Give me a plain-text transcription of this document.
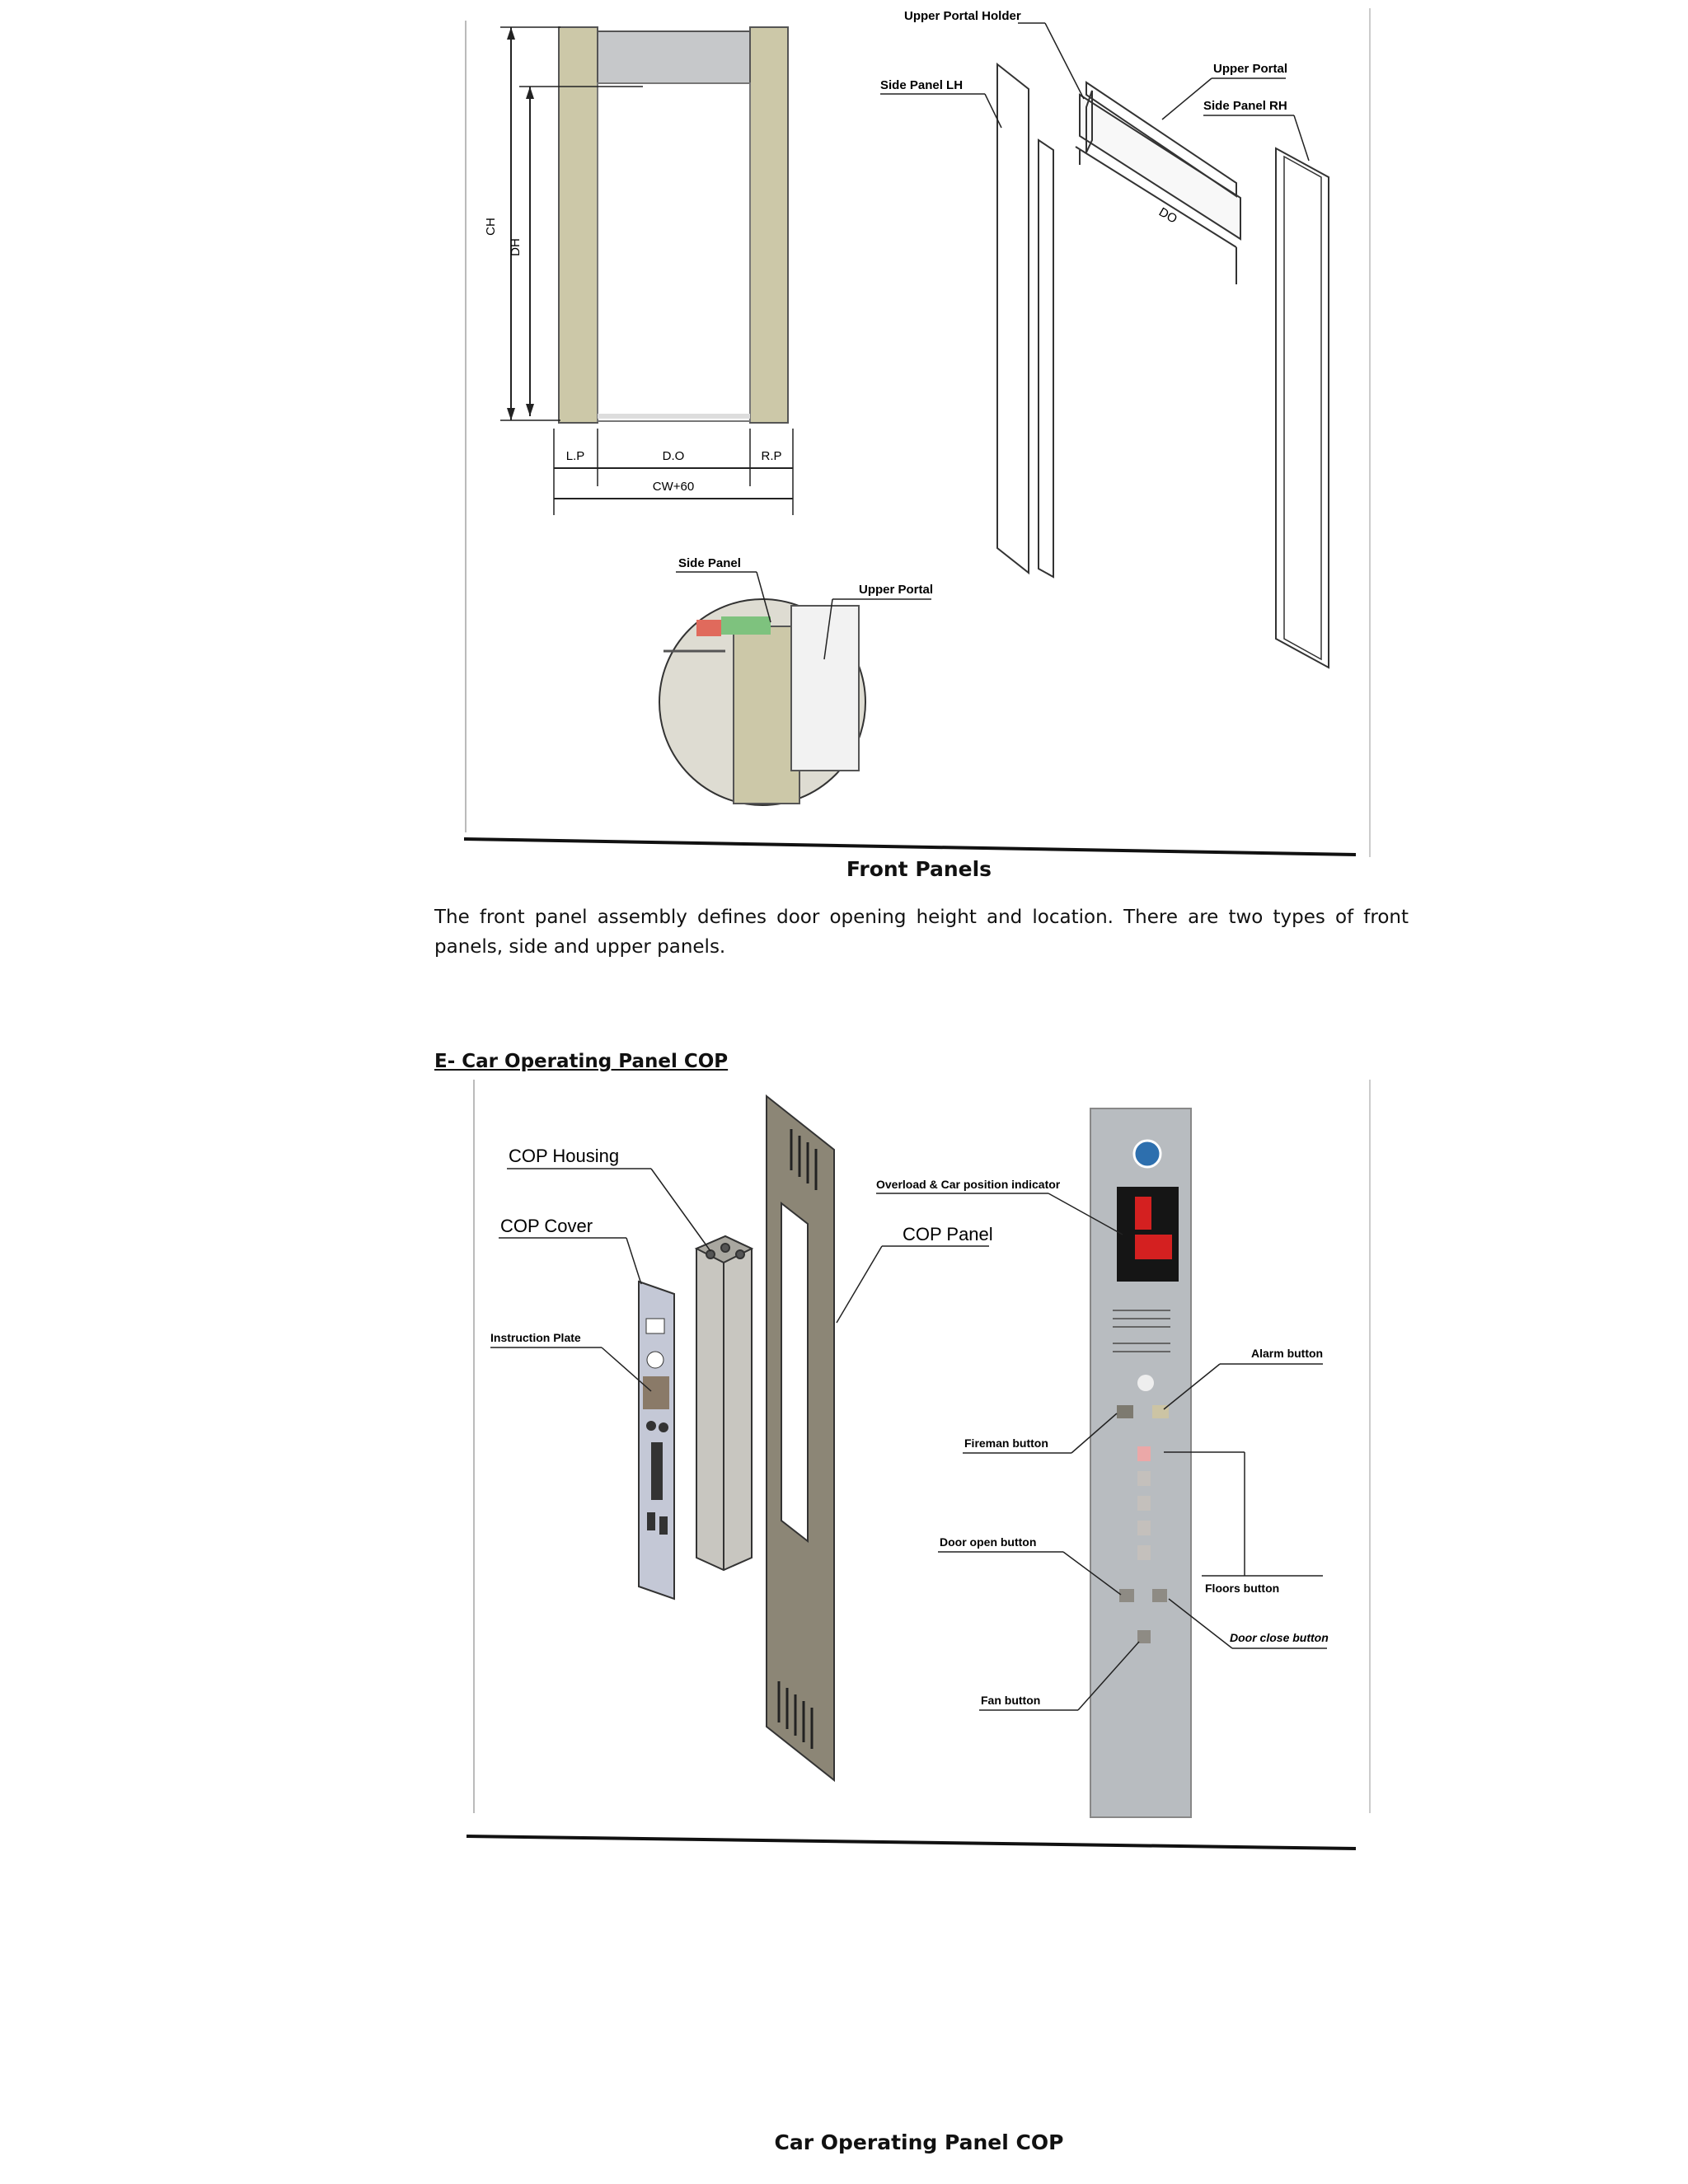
CH
DH
L.P	D.O	R.P
CW+60
Upper Portal Holder
Side Panel LH
Upper Portal
Side Panel RH
DO
Side Panel
Upper Portal
Front Panels
The front panel assembly defines door opening height and location. There are two types of front panels, side and upper panels.
E- Car Operating Panel COP
COP Housing
COP Cover
Instruction Plate
COP Panel
Overload & Car position indicator
Alarm button
Fireman button
Door open button
Floors button
Door close button
Fan button
Car Operating Panel COP
